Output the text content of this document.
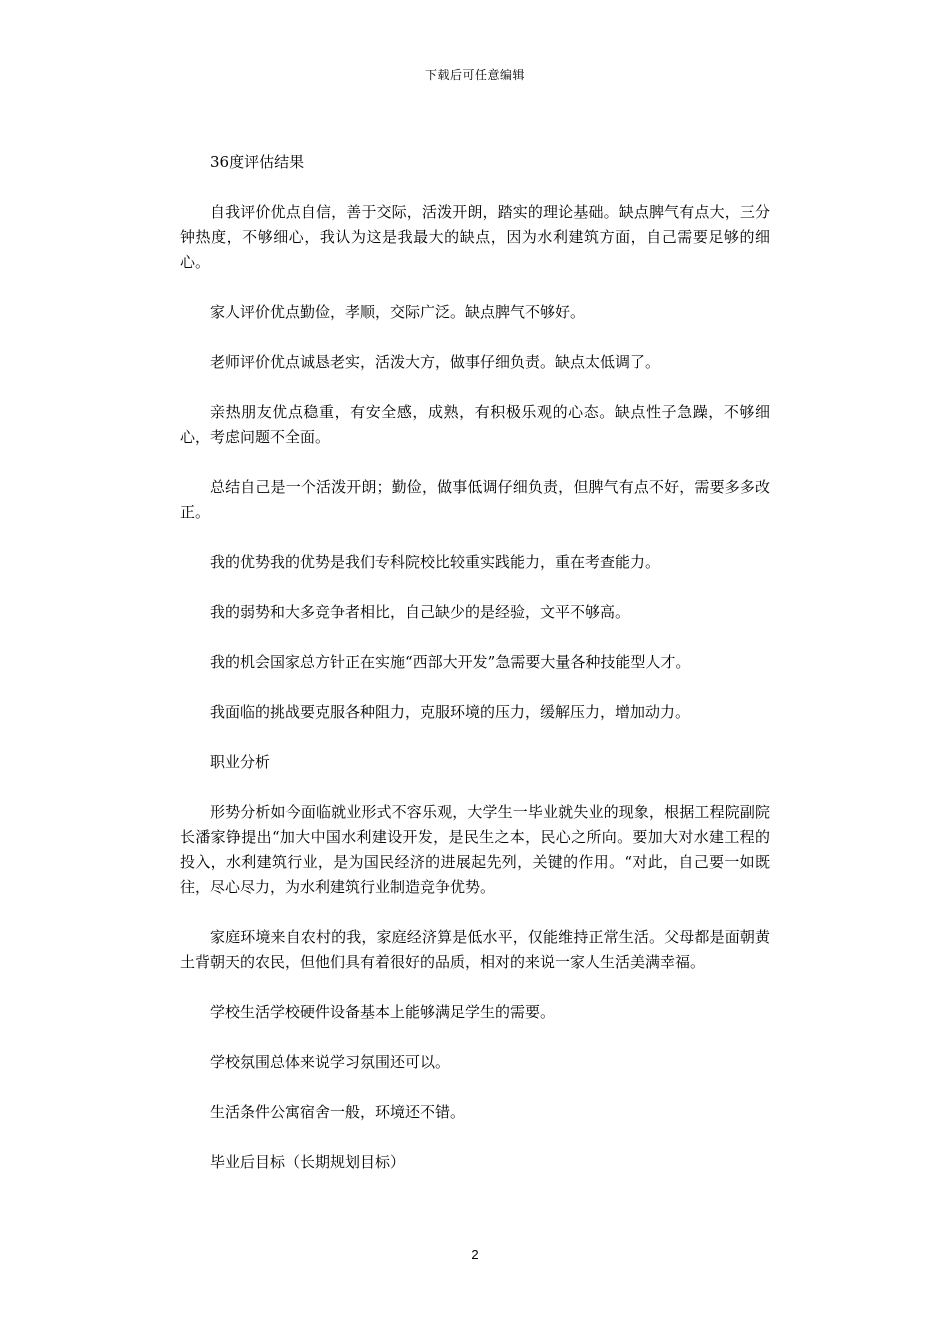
下载后可任意编辑

36度评估结果

自我评价优点自信，善于交际，活泼开朗，踏实的理论基础。缺点脾气有点大，三分钟热度，不够细心，我认为这是我最大的缺点，因为水利建筑方面，自己需要足够的细心。

家人评价优点勤俭，孝顺，交际广泛。缺点脾气不够好。

老师评价优点诚恳老实，活泼大方，做事仔细负责。缺点太低调了。

亲热朋友优点稳重，有安全感，成熟，有积极乐观的心态。缺点性子急躁，不够细心，考虑问题不全面。

总结自己是一个活泼开朗；勤俭，做事低调仔细负责，但脾气有点不好，需要多多改正。

我的优势我的优势是我们专科院校比较重实践能力，重在考查能力。

我的弱势和大多竞争者相比，自己缺少的是经验，文平不够高。

我的机会国家总方针正在实施“西部大开发”急需要大量各种技能型人才。

我面临的挑战要克服各种阻力，克服环境的压力，缓解压力，增加动力。

职业分析

形势分析如今面临就业形式不容乐观，大学生一毕业就失业的现象，根据工程院副院长潘家铮提出“加大中国水利建设开发，是民生之本，民心之所向。要加大对水建工程的投入，水利建筑行业，是为国民经济的进展起先列，关键的作用。“对此，自己要一如既往，尽心尽力，为水利建筑行业制造竞争优势。

家庭环境来自农村的我，家庭经济算是低水平，仅能维持正常生活。父母都是面朝黄土背朝天的农民，但他们具有着很好的品质，相对的来说一家人生活美满幸福。

学校生活学校硬件设备基本上能够满足学生的需要。

学校氛围总体来说学习氛围还可以。

生活条件公寓宿舍一般，环境还不错。

毕业后目标（长期规划目标）

2
